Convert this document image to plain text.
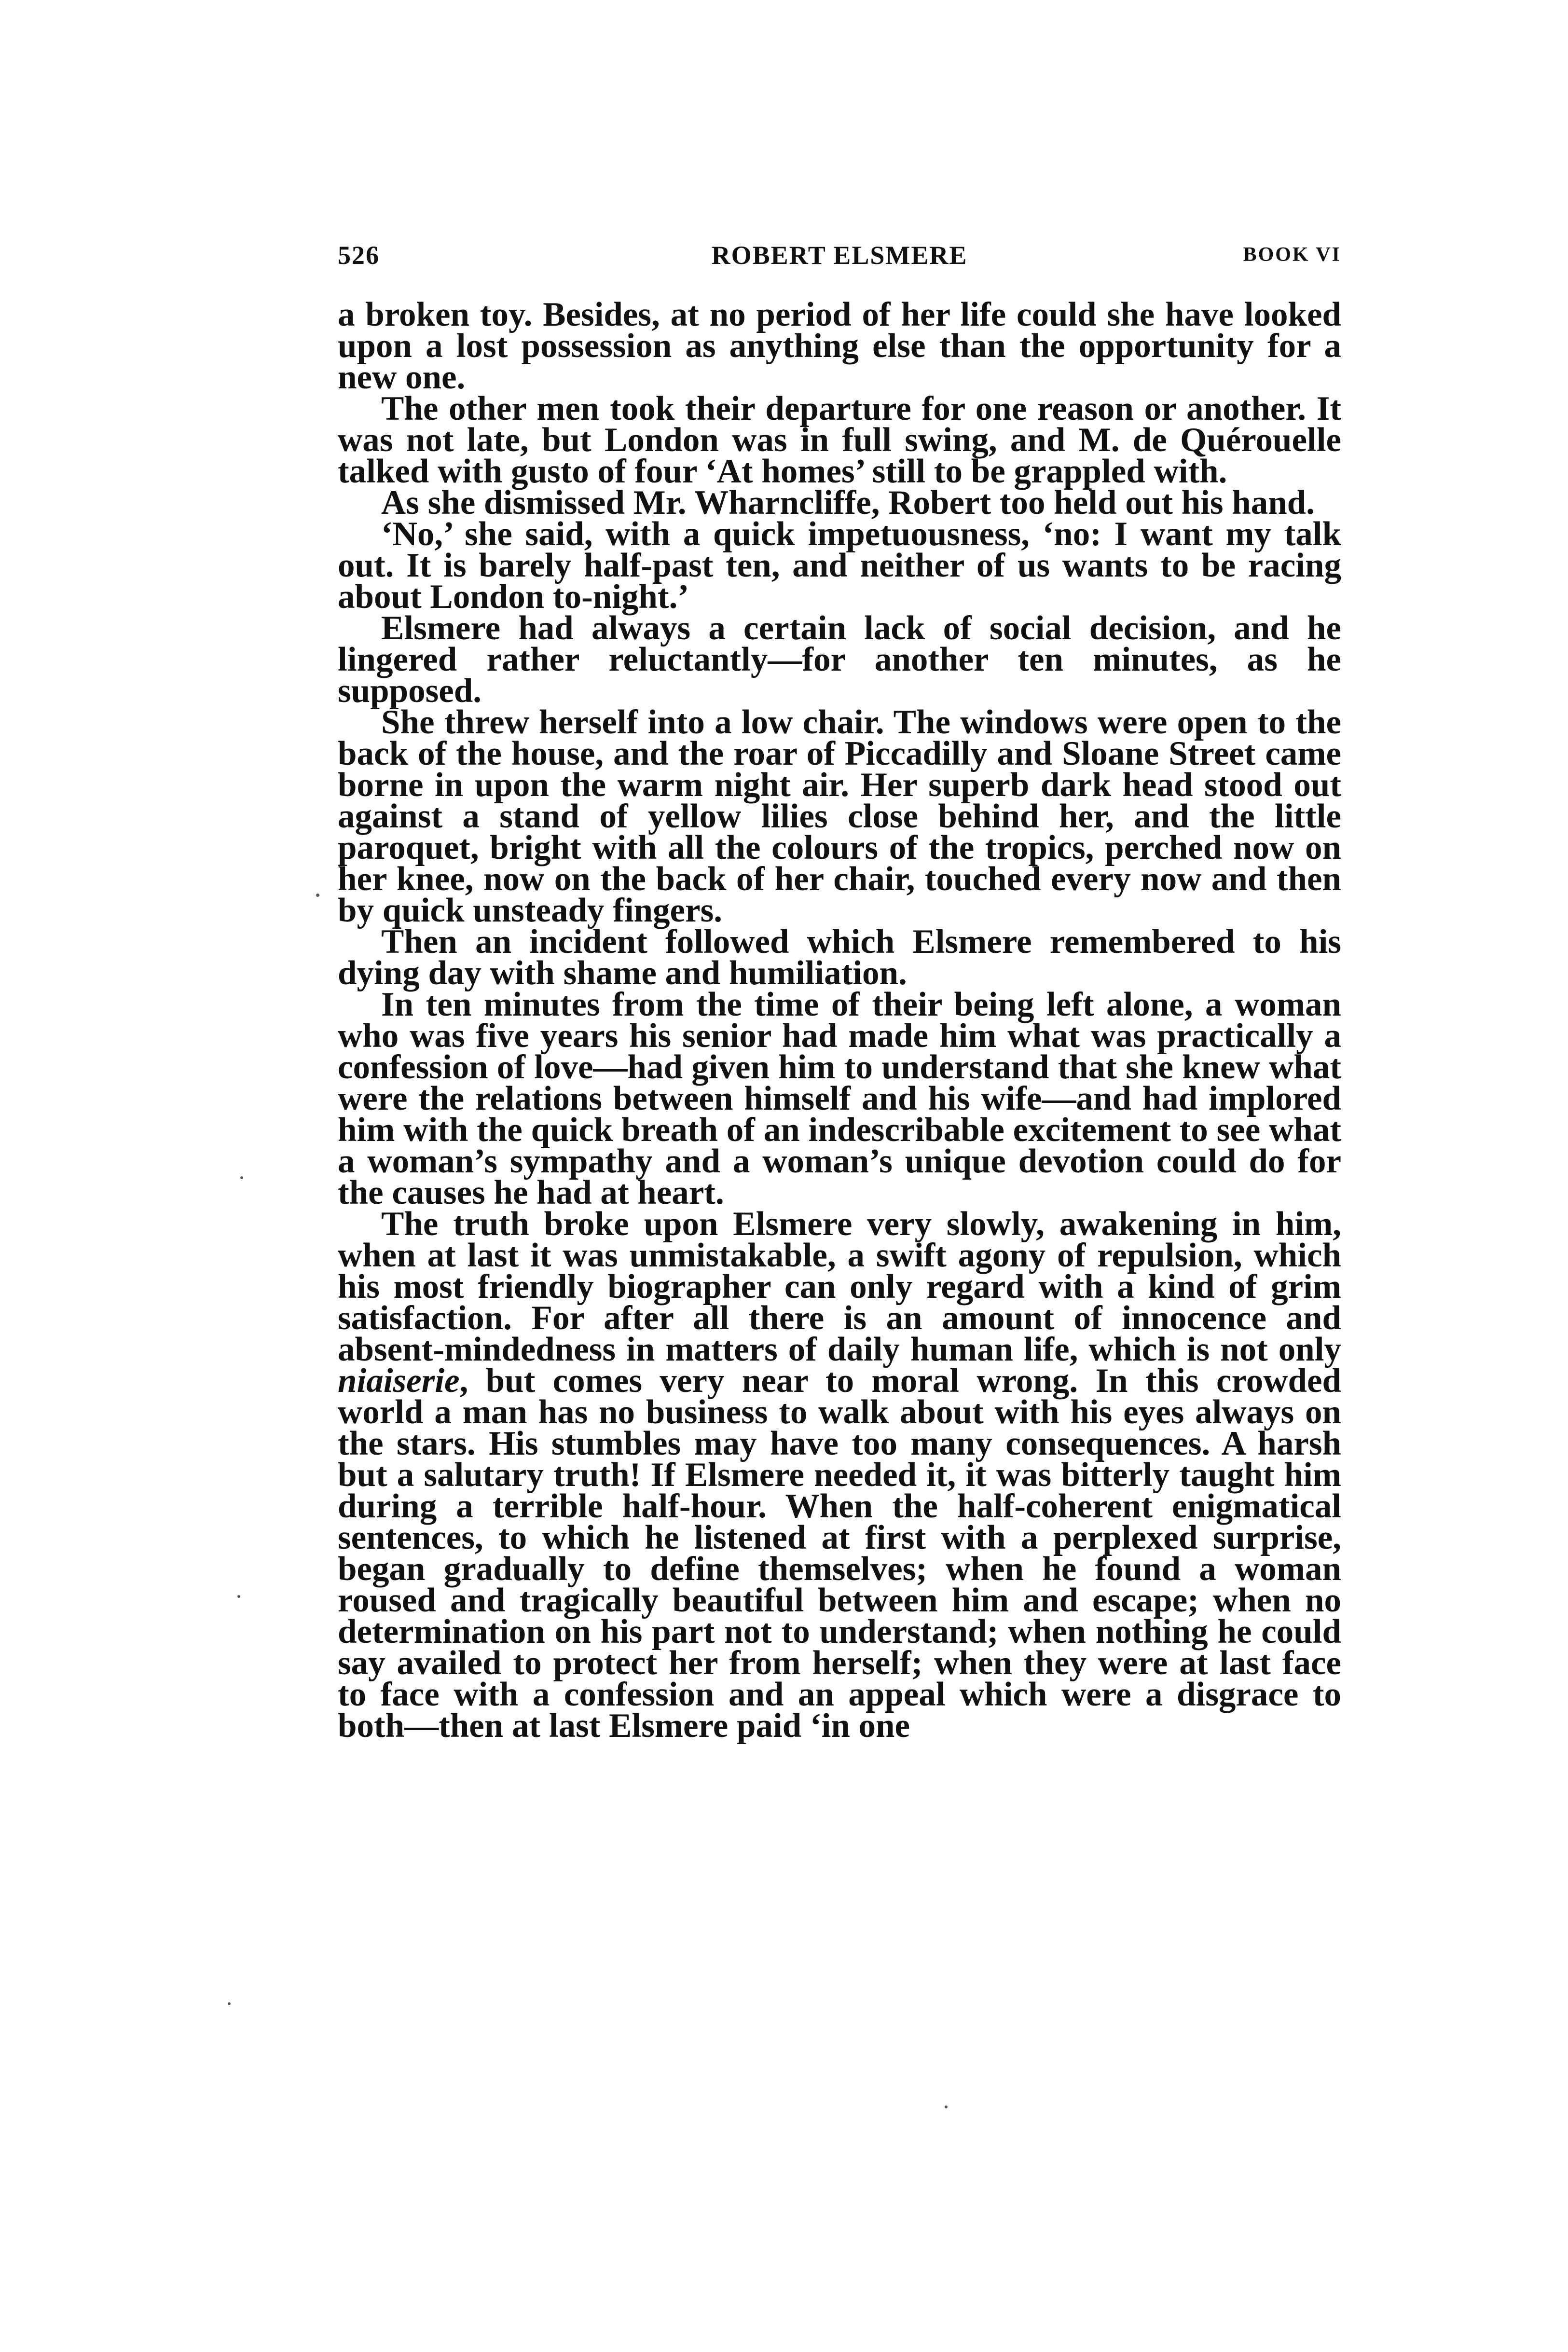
526	ROBERT ELSMERE	BOOK VI

a broken toy. Besides, at no period of her life could she have looked upon a lost possession as anything else than the opportunity for a new one.

The other men took their departure for one reason or another. It was not late, but London was in full swing, and M. de Quérouelle talked with gusto of four ‘At homes’ still to be grappled with.

As she dismissed Mr. Wharncliffe, Robert too held out his hand.

‘No,’ she said, with a quick impetuousness, ‘no: I want my talk out. It is barely half-past ten, and neither of us wants to be racing about London to-night.’

Elsmere had always a certain lack of social decision, and he lingered rather reluctantly—for another ten minutes, as he supposed.

She threw herself into a low chair. The windows were open to the back of the house, and the roar of Piccadilly and Sloane Street came borne in upon the warm night air. Her superb dark head stood out against a stand of yellow lilies close behind her, and the little paroquet, bright with all the colours of the tropics, perched now on her knee, now on the back of her chair, touched every now and then by quick unsteady fingers.

Then an incident followed which Elsmere remembered to his dying day with shame and humiliation.

In ten minutes from the time of their being left alone, a woman who was five years his senior had made him what was practically a confession of love—had given him to understand that she knew what were the relations between himself and his wife—and had implored him with the quick breath of an indescribable excitement to see what a woman’s sympathy and a woman’s unique devotion could do for the causes he had at heart.

The truth broke upon Elsmere very slowly, awakening in him, when at last it was unmistakable, a swift agony of repulsion, which his most friendly biographer can only regard with a kind of grim satisfaction. For after all there is an amount of innocence and absent-mindedness in matters of daily human life, which is not only niaiserie, but comes very near to moral wrong. In this crowded world a man has no business to walk about with his eyes always on the stars. His stumbles may have too many consequences. A harsh but a salutary truth! If Elsmere needed it, it was bitterly taught him during a terrible half-hour. When the half-coherent enigmatical sentences, to which he listened at first with a perplexed surprise, began gradually to define themselves; when he found a woman roused and tragically beautiful between him and escape; when no determination on his part not to understand; when nothing he could say availed to protect her from herself; when they were at last face to face with a confession and an appeal which were a disgrace to both—then at last Elsmere paid ‘in one
